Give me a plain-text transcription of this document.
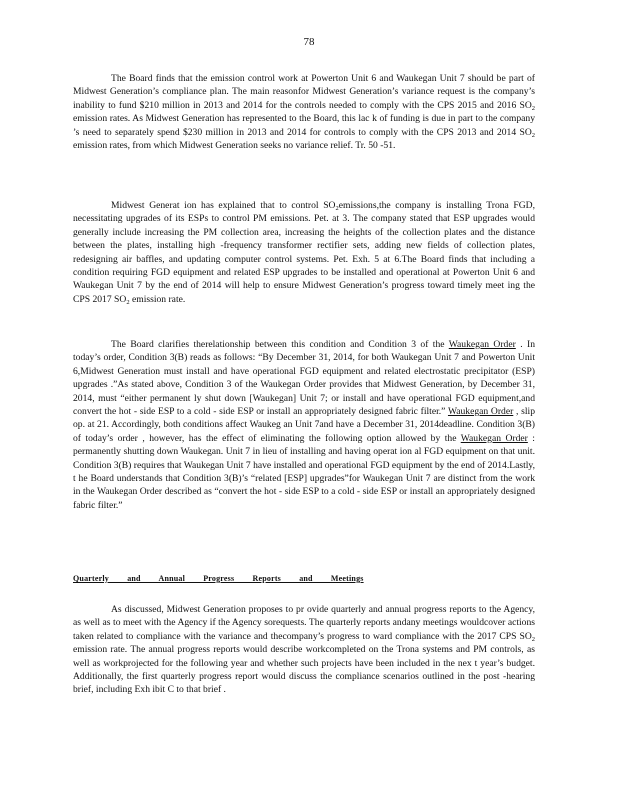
78

The Board finds that the emission control work at Powerton Unit 6 and Waukegan Unit 7 should be part of Midwest Generation’s compliance plan. The main reasonfor Midwest Generation’s variance request is the company’s inability to fund $210 million in 2013 and 2014 for the controls needed to comply with the CPS 2015 and 2016 $SO_2$ emission rates. As Midwest Generation has represented to the Board, this lac k of funding is due in part to the company ’s need to separately spend $230 million in 2013 and 2014 for controls to comply with the CPS 2013 and 2014 $SO_2$ emission rates, from which Midwest Generation seeks no variance relief. Tr. 50 -51.

Midwest Generat ion has explained that to control $SO_2emissions,the$ company is installing Trona FGD, necessitating upgrades of its ESPs to control PM emissions. Pet. at 3. The company stated that ESP upgrades would generally include increasing the PM collection area, increasing the heights of the collection plates and the distance between the plates, installing high -frequency transformer rectifier sets, adding new fields of collection plates, redesigning air baffles, and updating computer control systems. Pet. Exh. 5 at 6.The Board finds that including a condition requiring FGD equipment and related ESP upgrades to be installed and operational at Powerton Unit 6 and Waukegan Unit 7 by the end of 2014 will help to ensure Midwest Generation’s progress toward timely meet ing the CPS 2017 $SO_2$ emission rate.

The Board clarifies therelationship between this condition and Condition 3 of the Waukegan Order . In today’s order, Condition 3(B) reads as follows: “By December 31, 2014, for both Waukegan Unit 7 and Powerton Unit 6,Midwest Generation must install and have operational FGD equipment and related electrostatic precipitator (ESP) upgrades .”As stated above, Condition 3 of the Waukegan Order provides that Midwest Generation, by December 31, 2014, must “either permanent ly shut down [Waukegan] Unit 7; or install and have operational FGD equipment,and convert the hot - side ESP to a cold - side ESP or install an appropriately designed fabric filter.” Waukegan Order , slip op. at 21. Accordingly, both conditions affect Waukeg an Unit 7and have a December 31, 2014deadline. Condition 3(B) of today’s order , however, has the effect of eliminating the following option allowed by the Waukegan Order : permanently shutting down Waukegan. Unit 7 in lieu of installing and having operat ion al FGD equipment on that unit. Condition 3(B) requires that Waukegan Unit 7 have installed and operational FGD equipment by the end of 2014.Lastly, t he Board understands that Condition 3(B)’s “related [ESP] upgrades”for Waukegan Unit 7 are distinct from the work in the Waukegan Order described as “convert the hot - side ESP to a cold - side ESP or install an appropriately designed fabric filter.”

Quarterly and Annual Progress Reports and Meetings

As discussed, Midwest Generation proposes to pr ovide quarterly and annual progress reports to the Agency, as well as to meet with the Agency if the Agency sorequests. The quarterly reports andany meetings wouldcover actions taken related to compliance with the variance and thecompany’s progress to ward compliance with the 2017 CPS $SO_2$ emission rate. The annual progress reports would describe workcompleted on the Trona systems and PM controls, as well as workprojected for the following year and whether such projects have been included in the nex t year’s budget. Additionally, the first quarterly progress report would discuss the compliance scenarios outlined in the post -hearing brief, including Exh ibit C to that brief .
